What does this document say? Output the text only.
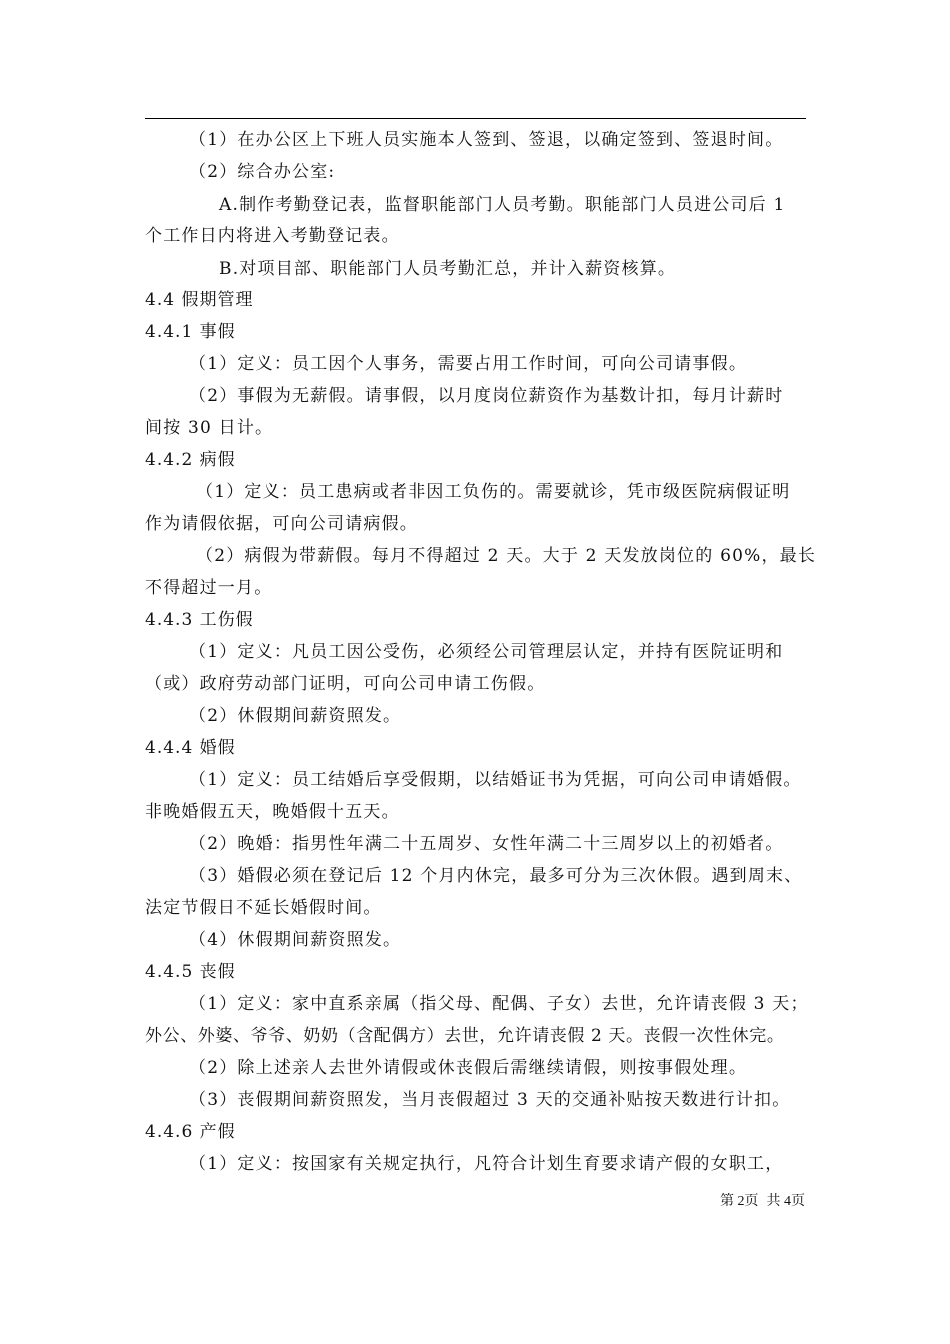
（1）在办公区上下班人员实施本人签到、签退，以确定签到、签退时间。
（2）综合办公室:
A.制作考勤登记表，监督职能部门人员考勤。职能部门人员进公司后 1
个工作日内将进入考勤登记表。
B.对项目部、职能部门人员考勤汇总，并计入薪资核算。
4.4 假期管理
4.4.1 事假
（1）定义：员工因个人事务，需要占用工作时间，可向公司请事假。
（2）事假为无薪假。请事假，以月度岗位薪资作为基数计扣，每月计薪时
间按 30 日计。
4.4.2 病假
（1）定义：员工患病或者非因工负伤的。需要就诊，凭市级医院病假证明
作为请假依据，可向公司请病假。
（2）病假为带薪假。每月不得超过 2 天。大于 2 天发放岗位的 60%，最长
不得超过一月。
4.4.3 工伤假
（1）定义：凡员工因公受伤，必须经公司管理层认定，并持有医院证明和
（或）政府劳动部门证明，可向公司申请工伤假。
（2）休假期间薪资照发。
4.4.4 婚假
（1）定义：员工结婚后享受假期，以结婚证书为凭据，可向公司申请婚假。
非晚婚假五天，晚婚假十五天。
（2）晚婚：指男性年满二十五周岁、女性年满二十三周岁以上的初婚者。
（3）婚假必须在登记后 12 个月内休完，最多可分为三次休假。遇到周末、
法定节假日不延长婚假时间。
（4）休假期间薪资照发。
4.4.5 丧假
（1）定义：家中直系亲属（指父母、配偶、子女）去世，允许请丧假 3 天；
外公、外婆、爷爷、奶奶（含配偶方）去世，允许请丧假 2 天。丧假一次性休完。
（2）除上述亲人去世外请假或休丧假后需继续请假，则按事假处理。
（3）丧假期间薪资照发，当月丧假超过 3 天的交通补贴按天数进行计扣。
4.4.6 产假
（1）定义：按国家有关规定执行，凡符合计划生育要求请产假的女职工，
第 2页 共 4页
